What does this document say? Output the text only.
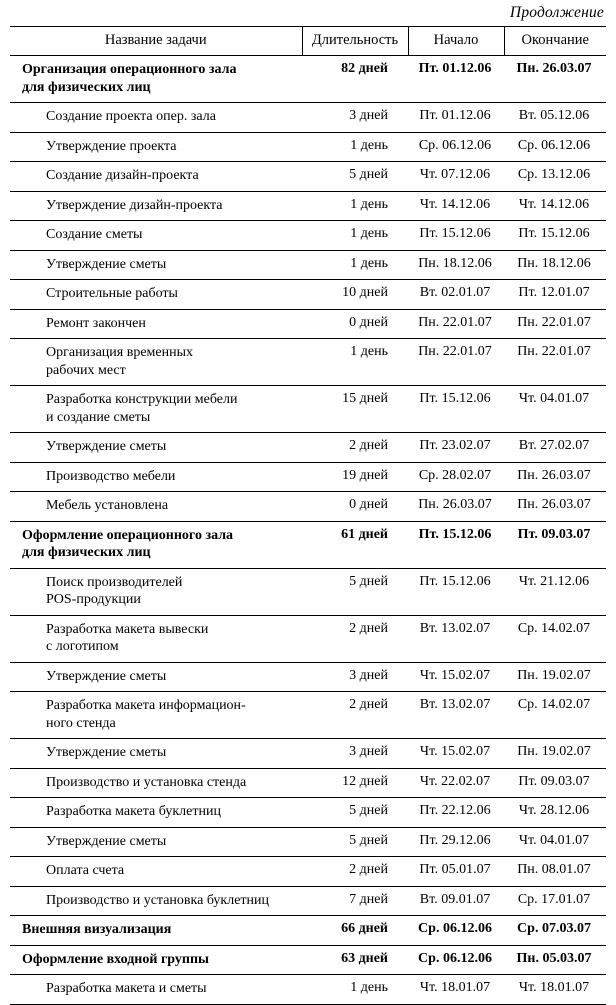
Продолжение
Название задачи	Длительность	Начало	Окончание

Организация операционного зала
для физических лиц	82 дней	Пт. 01.12.06	Пн. 26.03.07

Создание проекта опер. зала	3 дней	Пт. 01.12.06	Вт. 05.12.06

Утверждение проекта	1 день	Ср. 06.12.06	Ср. 06.12.06

Создание дизайн-проекта	5 дней	Чт. 07.12.06	Ср. 13.12.06

Утверждение дизайн-проекта	1 день	Чт. 14.12.06	Чт. 14.12.06

Создание сметы	1 день	Пт. 15.12.06	Пт. 15.12.06

Утверждение сметы	1 день	Пн. 18.12.06	Пн. 18.12.06

Строительные работы	10 дней	Вт. 02.01.07	Пт. 12.01.07

Ремонт закончен	0 дней	Пн. 22.01.07	Пн. 22.01.07

Организация временных
рабочих мест	1 день	Пн. 22.01.07	Пн. 22.01.07

Разработка конструкции мебели
и создание сметы	15 дней	Пт. 15.12.06	Чт. 04.01.07

Утверждение сметы	2 дней	Пт. 23.02.07	Вт. 27.02.07

Производство мебели	19 дней	Ср. 28.02.07	Пн. 26.03.07

Мебель установлена	0 дней	Пн. 26.03.07	Пн. 26.03.07

Оформление операционного зала
для физических лиц	61 дней	Пт. 15.12.06	Пт. 09.03.07

Поиск производителей
POS-продукции	5 дней	Пт. 15.12.06	Чт. 21.12.06

Разработка макета вывески
с логотипом	2 дней	Вт. 13.02.07	Ср. 14.02.07

Утверждение сметы	3 дней	Чт. 15.02.07	Пн. 19.02.07

Разработка макета информацион-
ного стенда	2 дней	Вт. 13.02.07	Ср. 14.02.07

Утверждение сметы	3 дней	Чт. 15.02.07	Пн. 19.02.07

Производство и установка стенда	12 дней	Чт. 22.02.07	Пт. 09.03.07

Разработка макета буклетниц	5 дней	Пт. 22.12.06	Чт. 28.12.06

Утверждение сметы	5 дней	Пт. 29.12.06	Чт. 04.01.07

Оплата счета	2 дней	Пт. 05.01.07	Пн. 08.01.07

Производство и установка буклетниц	7 дней	Вт. 09.01.07	Ср. 17.01.07

Внешняя визуализация	66 дней	Ср. 06.12.06	Ср. 07.03.07

Оформление входной группы	63 дней	Ср. 06.12.06	Пн. 05.03.07

Разработка макета и сметы	1 день	Чт. 18.01.07	Чт. 18.01.07
